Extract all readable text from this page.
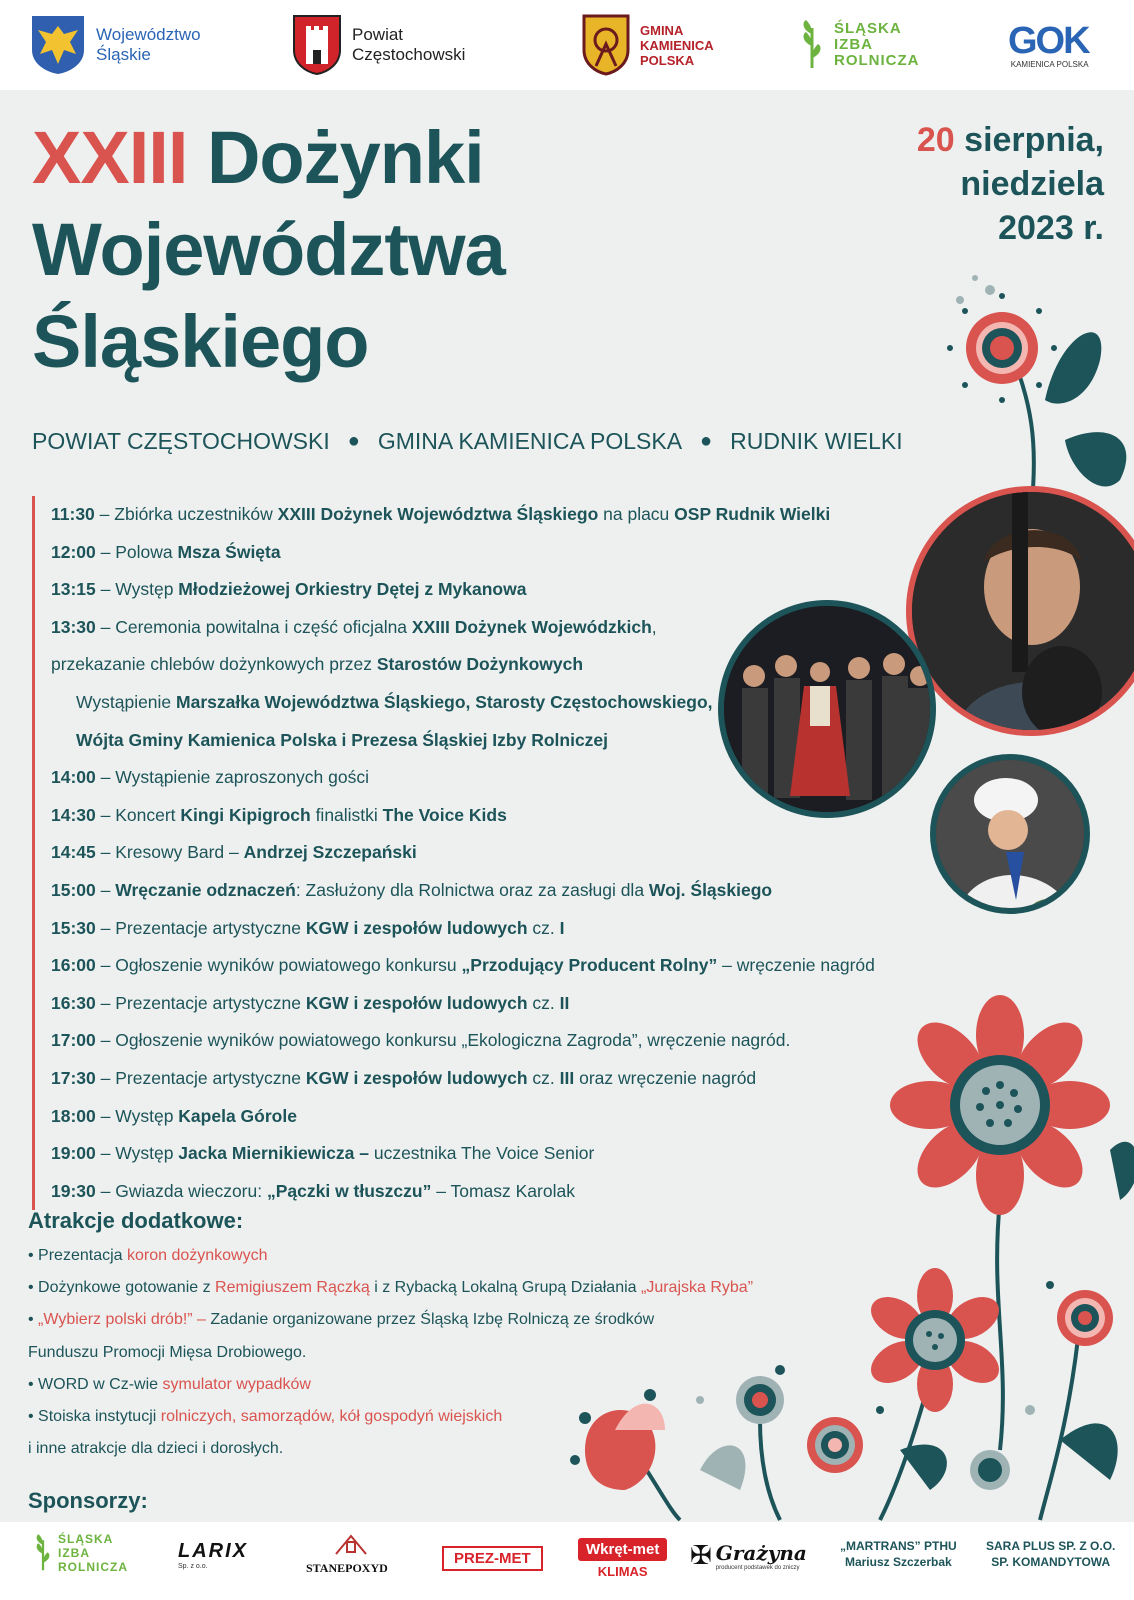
Województwo
Śląskie
Powiat
Częstochowski
GMINA
KAMIENICA
POLSKA
ŚLĄSKA
IZBA
ROLNICZA GOK
KAMIENICA POLSKA
XXIII Dożynki
Województwa
Śląskiego
20 sierpnia,
niedziela
2023 r.
POWIAT CZĘSTOCHOWSKI ● GMINA KAMIENICA POLSKA ● RUDNIK WIELKI
11:30 – Zbiórka uczestników XXIII Dożynek Województwa Śląskiego na placu OSP Rudnik Wielki
12:00 – Polowa Msza Święta
13:15 – Występ Młodzieżowej Orkiestry Dętej z Mykanowa
13:30 – Ceremonia powitalna i część oficjalna XXIII Dożynek Wojewódzkich,
przekazanie chlebów dożynkowych przez Starostów Dożynkowych
Wystąpienie Marszałka Województwa Śląskiego, Starosty Częstochowskiego,
Wójta Gminy Kamienica Polska i Prezesa Śląskiej Izby Rolniczej
14:00 – Wystąpienie zaproszonych gości
14:30 – Koncert Kingi Kipigroch finalistki The Voice Kids
14:45 – Kresowy Bard – Andrzej Szczepański
15:00 – Wręczanie odznaczeń: Zasłużony dla Rolnictwa oraz za zasługi dla Woj. Śląskiego
15:30 – Prezentacje artystyczne KGW i zespołów ludowych cz. I
16:00 – Ogłoszenie wyników powiatowego konkursu „Przodujący Producent Rolny” – wręczenie nagród
16:30 – Prezentacje artystyczne KGW i zespołów ludowych cz. II
17:00 – Ogłoszenie wyników powiatowego konkursu „Ekologiczna Zagroda”, wręczenie nagród.
17:30 – Prezentacje artystyczne KGW i zespołów ludowych cz. III oraz wręczenie nagród
18:00 – Występ Kapela Górole
19:00 – Występ Jacka Miernikiewicza – uczestnika The Voice Senior
19:30 – Gwiazda wieczoru: „Pączki w tłuszczu” – Tomasz Karolak
Atrakcje dodatkowe:
• Prezentacja koron dożynkowych
• Dożynkowe gotowanie z Remigiuszem Rączką i z Rybacką Lokalną Grupą Działania „Jurajska Ryba”
• „Wybierz polski drób!” – Zadanie organizowane przez Śląską Izbę Rolniczą ze środków
Funduszu Promocji Mięsa Drobiowego.
• WORD w Cz-wie symulator wypadków
• Stoiska instytucji rolniczych, samorządów, kół gospodyń wiejskich
i inne atrakcje dla dzieci i dorosłych.
Sponsorzy:
ŚLĄSKA
IZBA
ROLNICZA
LARIX
Sp. z o.o.	STANEPOXYD
PREZ-MET
Wkręt-met
KLIMAS
✠ Grażyna
producent podstawek do zniczy
„MARTRANS” PTHU
Mariusz Szczerbak
SARA PLUS SP. Z O.O.
SP. KOMANDYTOWA
